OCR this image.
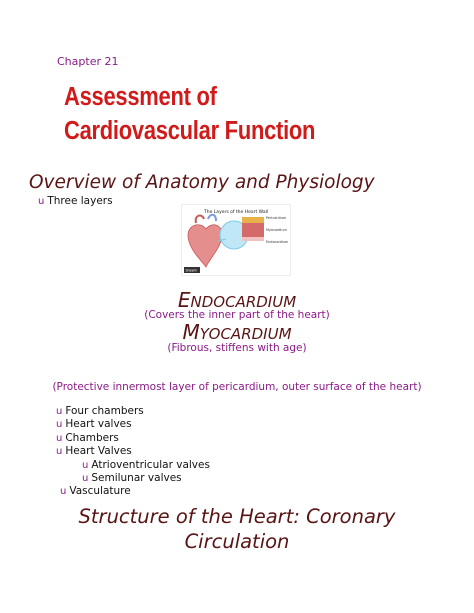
Chapter 21
Assessment of
Cardiovascular Function
Overview of Anatomy and Physiology
u Three layers
The Layers of the Heart Wall
Pericardium
Myocardium
Endocardium
Shaylin
ENDOCARDIUM
(Covers the inner part of the heart)
MYOCARDIUM
(Fibrous, stiffens with age)
(Protective innermost layer of pericardium, outer surface of the heart)
u Four chambers
u Heart valves
u Chambers
u Heart Valves
u Atrioventricular valves
u Semilunar valves
u Vasculature
Structure of the Heart: Coronary
Circulation
